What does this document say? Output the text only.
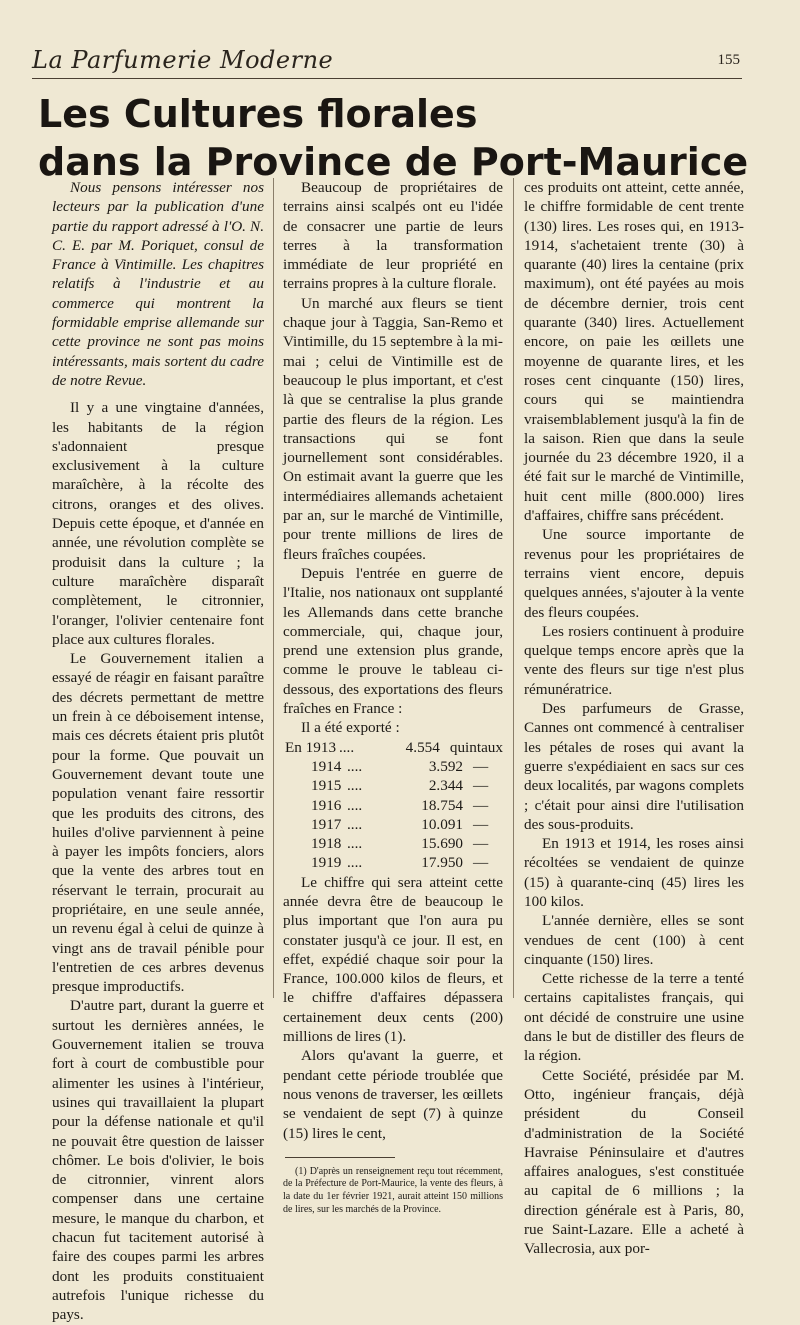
La Parfumerie Moderne	155
Les Cultures florales
dans la Province de Port-Maurice

Nous pensons intéresser nos lecteurs par la publication d'une partie du rapport adressé à l'O. N. C. E. par M. Poriquet, consul de France à Vintimille. Les chapitres relatifs à l'industrie et au commerce qui montrent la formidable emprise allemande sur cette province ne sont pas moins intéressants, mais sortent du cadre de notre Revue.

Il y a une vingtaine d'années, les habitants de la région s'adonnaient presque exclusivement à la culture maraîchère, à la récolte des citrons, oranges et des olives. Depuis cette époque, et d'année en année, une révolution complète se produisit dans la culture ; la culture maraîchère disparaît complètement, le citronnier, l'oranger, l'olivier centenaire font place aux cultures florales.

Le Gouvernement italien a essayé de réagir en faisant paraître des décrets permettant de mettre un frein à ce déboisement intense, mais ces décrets étaient pris plutôt pour la forme. Que pouvait un Gouvernement devant toute une population venant faire ressortir que les produits des citrons, des huiles d'olive parviennent à peine à payer les impôts fonciers, alors que la vente des arbres tout en réservant le terrain, procurait au propriétaire, en une seule année, un revenu égal à celui de quinze à vingt ans de travail pénible pour l'entretien de ces arbres devenus presque improductifs.

D'autre part, durant la guerre et surtout les dernières années, le Gouvernement italien se trouva fort à court de combustible pour alimenter les usines à l'intérieur, usines qui travaillaient la plupart pour la défense nationale et qu'il ne pouvait être question de laisser chômer. Le bois d'olivier, le bois de citronnier, vinrent alors compenser dans une certaine mesure, le manque du charbon, et chacun fut tacitement autorisé à faire des coupes parmi les arbres dont les produits constituaient autrefois l'unique richesse du pays.

Beaucoup de propriétaires de terrains ainsi scalpés ont eu l'idée de consacrer une partie de leurs terres à la transformation immédiate de leur propriété en terrains propres à la culture florale.

Un marché aux fleurs se tient chaque jour à Taggia, San-Remo et Vintimille, du 15 septembre à la mi-mai ; celui de Vintimille est de beaucoup le plus important, et c'est là que se centralise la plus grande partie des fleurs de la région. Les transactions qui se font journellement sont considérables. On estimait avant la guerre que les intermédiaires allemands achetaient par an, sur le marché de Vintimille, pour trente millions de lires de fleurs fraîches coupées.

Depuis l'entrée en guerre de l'Italie, nos nationaux ont supplanté les Allemands dans cette branche commerciale, qui, chaque jour, prend une extension plus grande, comme le prouve le tableau ci-dessous, des exportations des fleurs fraîches en France :

Il a été exporté :

En 1913 ....	4.554 quintaux
1914 ....	3.592 —
1915 ....	2.344 —
1916 ....	18.754 —
1917 ....	10.091 —
1918 ....	15.690 —
1919 ....	17.950 —

Le chiffre qui sera atteint cette année devra être de beaucoup le plus important que l'on aura pu constater jusqu'à ce jour. Il est, en effet, expédié chaque soir pour la France, 100.000 kilos de fleurs, et le chiffre d'affaires dépassera certainement deux cents (200) millions de lires (1).

Alors qu'avant la guerre, et pendant cette période troublée que nous venons de traverser, les œillets se vendaient de sept (7) à quinze (15) lires le cent,

(1) D'après un renseignement reçu tout récemment, de la Préfecture de Port-Maurice, la vente des fleurs, à la date du 1er février 1921, aurait atteint 150 millions de lires, sur les marchés de la Province.

ces produits ont atteint, cette année, le chiffre formidable de cent trente (130) lires. Les roses qui, en 1913-1914, s'achetaient trente (30) à quarante (40) lires la centaine (prix maximum), ont été payées au mois de décembre dernier, trois cent quarante (340) lires. Actuellement encore, on paie les œillets une moyenne de quarante lires, et les roses cent cinquante (150) lires, cours qui se maintiendra vraisemblablement jusqu'à la fin de la saison. Rien que dans la seule journée du 23 décembre 1920, il a été fait sur le marché de Vintimille, huit cent mille (800.000) lires d'affaires, chiffre sans précédent.

Une source importante de revenus pour les propriétaires de terrains vient encore, depuis quelques années, s'ajouter à la vente des fleurs coupées.

Les rosiers continuent à produire quelque temps encore après que la vente des fleurs sur tige n'est plus rémunératrice.

Des parfumeurs de Grasse, Cannes ont commencé à centraliser les pétales de roses qui avant la guerre s'expédiaient en sacs sur ces deux localités, par wagons complets ; c'était pour ainsi dire l'utilisation des sous-produits.

En 1913 et 1914, les roses ainsi récoltées se vendaient de quinze (15) à quarante-cinq (45) lires les 100 kilos.

L'année dernière, elles se sont vendues de cent (100) à cent cinquante (150) lires.

Cette richesse de la terre a tenté certains capitalistes français, qui ont décidé de construire une usine dans le but de distiller des fleurs de la région.

Cette Société, présidée par M. Otto, ingénieur français, déjà président du Conseil d'administration de la Société Havraise Péninsulaire et d'autres affaires analogues, s'est constituée au capital de 6 millions ; la direction générale est à Paris, 80, rue Saint-Lazare. Elle a acheté à Vallecrosia, aux por-
